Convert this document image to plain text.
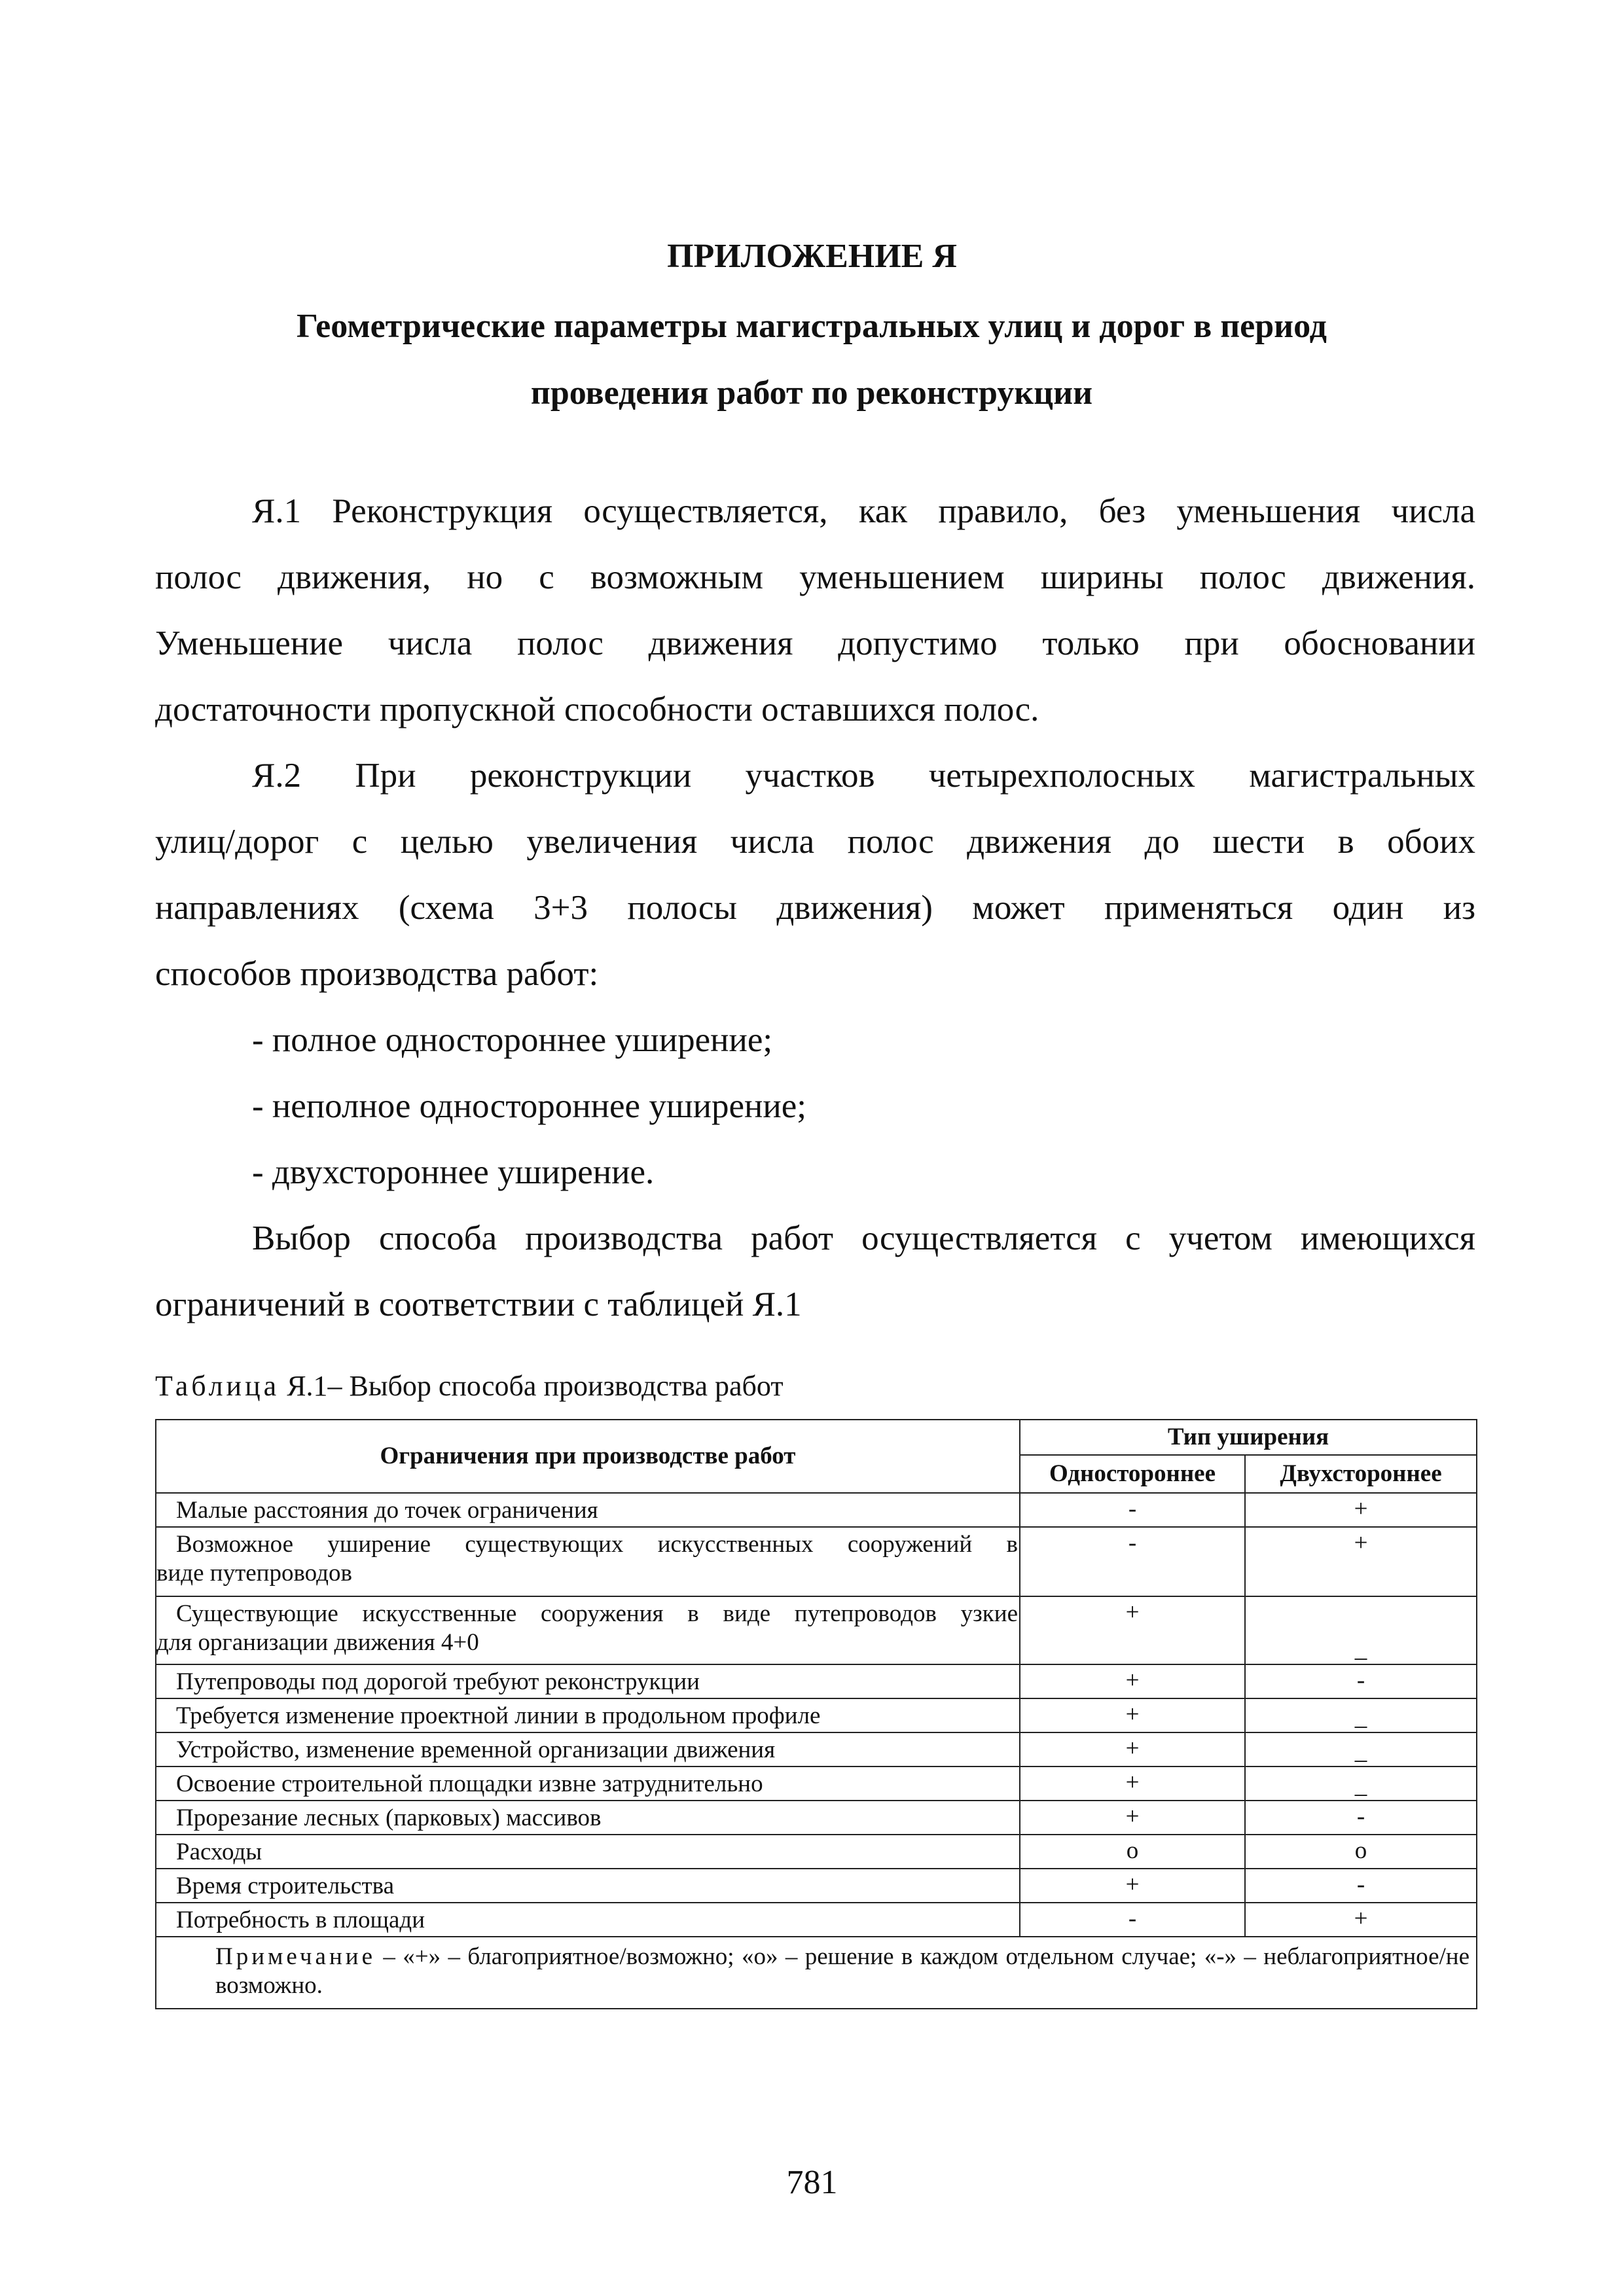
ПРИЛОЖЕНИЕ Я
Геометрические параметры магистральных улиц и дорог в период
проведения работ по реконструкции
Я.1 Реконструкция осуществляется, как правило, без уменьшения числа
полос движения, но с возможным уменьшением ширины полос движения.
Уменьшение числа полос движения допустимо только при обосновании
достаточности пропускной способности оставшихся полос.
Я.2 При реконструкции участков четырехполосных магистральных
улиц/дорог с целью увеличения числа полос движения до шести в обоих
направлениях (схема 3+3 полосы движения) может применяться один из
способов производства работ:
- полное одностороннее уширение;
- неполное одностороннее уширение;
- двухстороннее уширение.
Выбор способа производства работ осуществляется с учетом имеющихся
ограничений в соответствии с таблицей Я.1

Таблица Я.1– Выбор способа производства работ

Ограничения при производстве работ	Тип уширения	
	Одностороннее	Двухстороннее
Малые расстояния до точек ограничения	-	+

Возможное уширение существующих искусственных сооружений в
виде путепроводов	-	+

Существующие искусственные сооружения в виде путепроводов узкие
для организации движения 4+0	+	_
Путепроводы под дорогой требуют реконструкции	+	-
Требуется изменение проектной линии в продольном профиле	+	_
Устройство, изменение временной организации движения	+	_
Освоение строительной площадки извне затруднительно	+	_
Прорезание лесных (парковых) массивов	+	-
Расходы	о	о
Время строительства	+	-
Потребность в площади	-	+
Примечание – «+» – благоприятное/возможно; «о» – решение в каждом отдельном случае; «-» – неблагоприятное/не возможно.		
781
